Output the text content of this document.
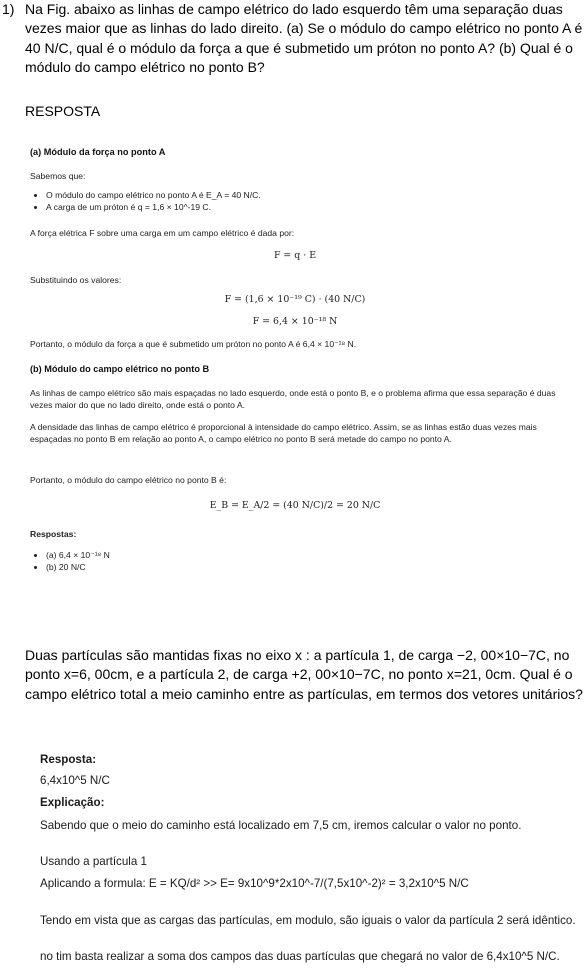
1) Na Fig. abaixo as linhas de campo elétrico do lado esquerdo têm uma separação duas vezes maior que as linhas do lado direito. (a) Se o módulo do campo elétrico no ponto A é 40 N/C, qual é o módulo da força a que é submetido um próton no ponto A? (b) Qual é o módulo do campo elétrico no ponto B?
RESPOSTA
(a) Módulo da força no ponto A

Sabemos que:

• O módulo do campo elétrico no ponto A é E_A = 40 N/C.
• A carga de um próton é q = 1,6 × 10^-19 C.

A força elétrica F sobre uma carga em um campo elétrico é dada por:

F = q · E

Substituindo os valores:

F = (1,6 × 10⁻¹⁹ C) · (40 N/C)
F = 6,4 × 10⁻¹⁸ N

Portanto, o módulo da força a que é submetido um próton no ponto A é 6,4 × 10⁻¹⁸ N.

(b) Módulo do campo elétrico no ponto B

As linhas de campo elétrico são mais espaçadas no lado esquerdo, onde está o ponto B, e o problema afirma que essa separação é duas vezes maior do que no lado direito, onde está o ponto A.

A densidade das linhas de campo elétrico é proporcional à intensidade do campo elétrico. Assim, se as linhas estão duas vezes mais espaçadas no ponto B em relação ao ponto A, o campo elétrico no ponto B será metade do campo no ponto A.

Portanto, o módulo do campo elétrico no ponto B é:

E_B = E_A/2 = (40 N/C)/2 = 20 N/C

Respostas:

• (a) 6,4 × 10⁻¹⁸ N
• (b) 20 N/C
Duas partículas são mantidas fixas no eixo x : a partícula 1, de carga −2, 00×10−7C, no ponto x=6, 00cm, e a partícula 2, de carga +2, 00×10−7C, no ponto x=21, 0cm. Qual é o campo elétrico total a meio caminho entre as partículas, em termos dos vetores unitários?
Resposta:
6,4x10^5 N/C
Explicação:
Sabendo que o meio do caminho está localizado em 7,5 cm, iremos calcular o valor no ponto.
Usando a partícula 1
Aplicando a formula: E = KQ/d² >> E= 9x10^9*2x10^-7/(7,5x10^-2)² = 3,2x10^5 N/C
Tendo em vista que as cargas das partículas, em modulo, são iguais o valor da partícula 2 será idêntico.
no tim basta realizar a soma dos campos das duas partículas que chegará no valor de 6,4x10^5 N/C.
